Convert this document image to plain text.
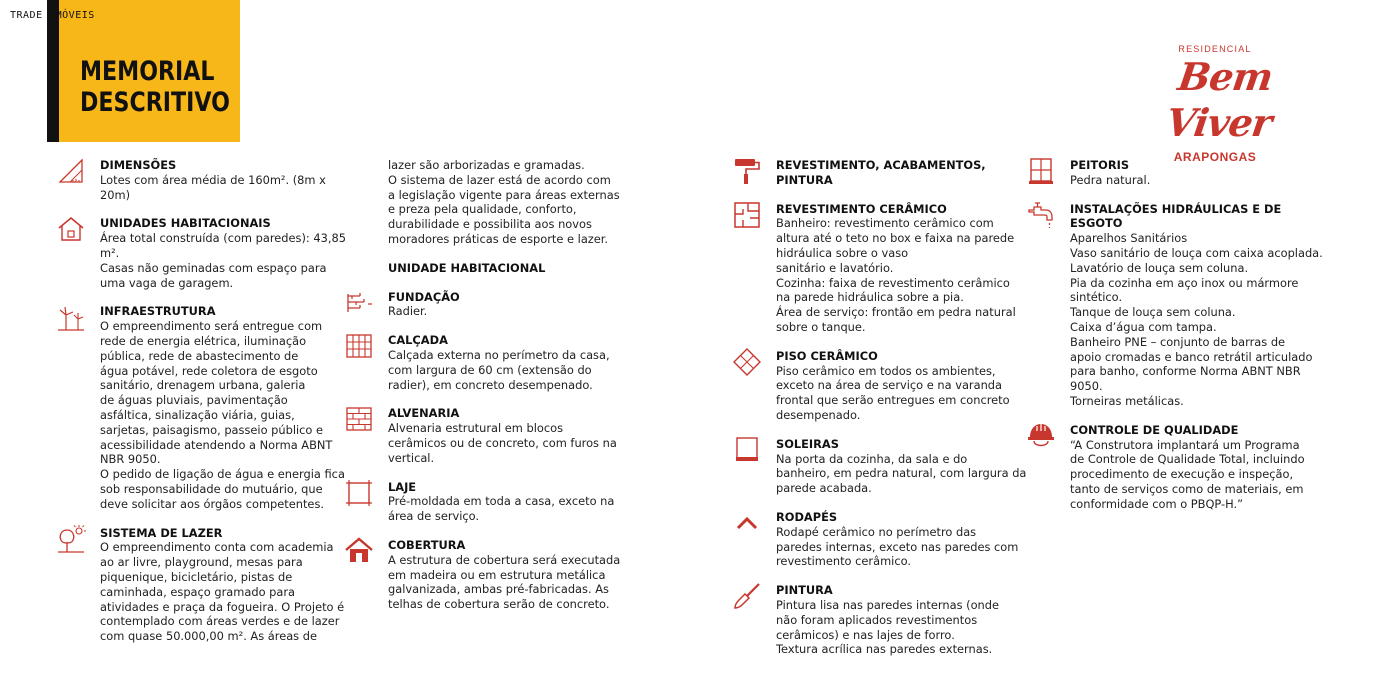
MEMORIAL
DESCRITIVO
TRADE IMÓVEIS
RESIDENCIAL
Bem Viver
ARAPONGAS
DIMENSÕES
Lotes com área média de 160m². (8m x
20m)
UNIDADES HABITACIONAIS
Área total construída (com paredes): 43,85
m².
Casas não geminadas com espaço para
uma vaga de garagem.
INFRAESTRUTURA
O empreendimento será entregue com
rede de energia elétrica, iluminação
pública, rede de abastecimento de
água potável, rede coletora de esgoto
sanitário, drenagem urbana, galeria
de águas pluviais, pavimentação
asfáltica, sinalização viária, guias,
sarjetas, paisagismo, passeio público e
acessibilidade atendendo a Norma ABNT
NBR 9050.
O pedido de ligação de água e energia fica
sob responsabilidade do mutuário, que
deve solicitar aos órgãos competentes.
SISTEMA DE LAZER
O empreendimento conta com academia
ao ar livre, playground, mesas para
piquenique, bicicletário, pistas de
caminhada, espaço gramado para
atividades e praça da fogueira. O Projeto é
contemplado com áreas verdes e de lazer
com quase 50.000,00 m². As áreas de
lazer são arborizadas e gramadas.
O sistema de lazer está de acordo com
a legislação vigente para áreas externas
e preza pela qualidade, conforto,
durabilidade e possibilita aos novos
moradores práticas de esporte e lazer.
UNIDADE HABITACIONAL
FUNDAÇÃO
Radier.
CALÇADA
Calçada externa no perímetro da casa,
com largura de 60 cm (extensão do
radier), em concreto desempenado.
ALVENARIA
Alvenaria estrutural em blocos
cerâmicos ou de concreto, com furos na
vertical.
LAJE
Pré-moldada em toda a casa, exceto na
área de serviço.
COBERTURA
A estrutura de cobertura será executada
em madeira ou em estrutura metálica
galvanizada, ambas pré-fabricadas. As
telhas de cobertura serão de concreto.
REVESTIMENTO, ACABAMENTOS, PINTURA
REVESTIMENTO CERÂMICO
Banheiro: revestimento cerâmico com
altura até o teto no box e faixa na parede
hidráulica sobre o vaso
sanitário e lavatório.
Cozinha: faixa de revestimento cerâmico
na parede hidráulica sobre a pia.
Área de serviço: frontão em pedra natural
sobre o tanque.
PISO CERÂMICO
Piso cerâmico em todos os ambientes,
exceto na área de serviço e na varanda
frontal que serão entregues em concreto
desempenado.
SOLEIRAS
Na porta da cozinha, da sala e do
banheiro, em pedra natural, com largura da
parede acabada.
RODAPÉS
Rodapé cerâmico no perímetro das
paredes internas, exceto nas paredes com
revestimento cerâmico.
PINTURA
Pintura lisa nas paredes internas (onde
não foram aplicados revestimentos
cerâmicos) e nas lajes de forro.
Textura acrílica nas paredes externas.
PEITORIS
Pedra natural.
INSTALAÇÕES HIDRÁULICAS E DE ESGOTO
Aparelhos Sanitários
Vaso sanitário de louça com caixa acoplada.
Lavatório de louça sem coluna.
Pia da cozinha em aço inox ou mármore
sintético.
Tanque de louça sem coluna.
Caixa d’água com tampa.
Banheiro PNE – conjunto de barras de
apoio cromadas e banco retrátil articulado
para banho, conforme Norma ABNT NBR
9050.
Torneiras metálicas.
CONTROLE DE QUALIDADE
“A Construtora implantará um Programa
de Controle de Qualidade Total, incluindo
procedimento de execução e inspeção,
tanto de serviços como de materiais, em
conformidade com o PBQP-H.”
